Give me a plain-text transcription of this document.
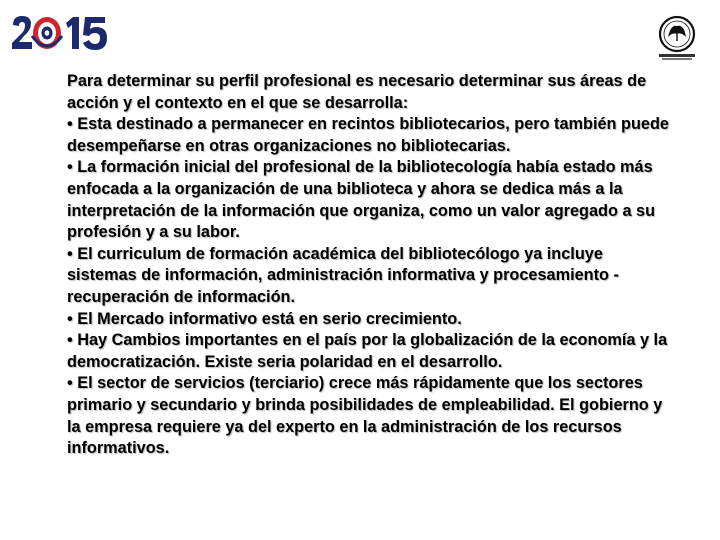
Para determinar su perfil profesional es necesario determinar sus áreas de acción y el contexto en el que se desarrolla:

• Esta destinado a permanecer en recintos bibliotecarios, pero también puede desempeñarse en otras organizaciones no bibliotecarias.

• La formación inicial del profesional de la bibliotecología había estado más enfocada a la organización de una biblioteca y ahora se dedica más a la interpretación de la información que organiza, como un valor agregado a su profesión y a su labor.

• El curriculum de formación académica del bibliotecólogo ya incluye sistemas de información, administración informativa y procesamiento -recuperación de información.

• El Mercado informativo está en serio crecimiento.

• Hay Cambios importantes en el país por la globalización de la economía y la democratización. Existe seria polaridad en el desarrollo.

• El sector de servicios (terciario) crece más rápidamente que los sectores primario y secundario y brinda posibilidades de empleabilidad. El gobierno y la empresa requiere ya del experto en la administración de los recursos informativos.
